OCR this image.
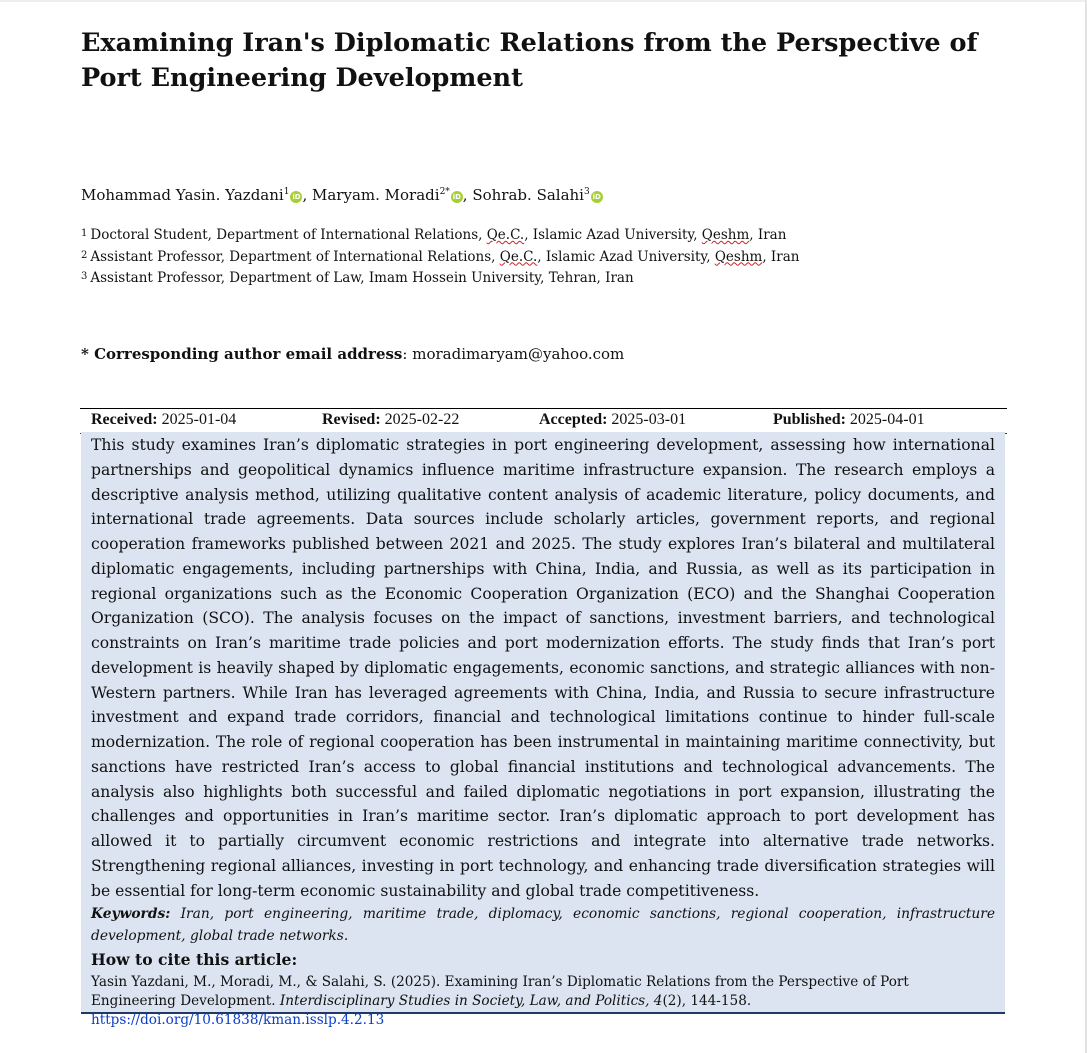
Examining Iran's Diplomatic Relations from the Perspective of Port Engineering Development
Mohammad Yasin. Yazdani$^1$ iD , Maryam. Moradi$^{2*}$ iD , Sohrab. Salahi$^3$ iD
$^1$ Doctoral Student, Department of International Relations, Qe.C., Islamic Azad University, Qeshm, Iran
$^2$ Assistant Professor, Department of International Relations, Qe.C., Islamic Azad University, Qeshm, Iran
$^3$ Assistant Professor, Department of Law, Imam Hossein University, Tehran, Iran
* Corresponding author email address: moradimaryam@yahoo.com
Received: 2025-01-04	Revised: 2025-02-22	Accepted: 2025-03-01	Published: 2025-04-01

This study examines Iran’s diplomatic strategies in port engineering development, assessing how international partnerships and geopolitical dynamics influence maritime infrastructure expansion. The research employs a descriptive analysis method, utilizing qualitative content analysis of academic literature, policy documents, and international trade agreements. Data sources include scholarly articles, government reports, and regional cooperation frameworks published between 2021 and 2025. The study explores Iran’s bilateral and multilateral diplomatic engagements, including partnerships with China, India, and Russia, as well as its participation in regional organizations such as the Economic Cooperation Organization (ECO) and the Shanghai Cooperation Organization (SCO). The analysis focuses on the impact of sanctions, investment barriers, and technological constraints on Iran’s maritime trade policies and port modernization efforts. The study finds that Iran’s port development is heavily shaped by diplomatic engagements, economic sanctions, and strategic alliances with non-Western partners. While Iran has leveraged agreements with China, India, and Russia to secure infrastructure investment and expand trade corridors, financial and technological limitations continue to hinder full-scale modernization. The role of regional cooperation has been instrumental in maintaining maritime connectivity, but sanctions have restricted Iran’s access to global financial institutions and technological advancements. The analysis also highlights both successful and failed diplomatic negotiations in port expansion, illustrating the challenges and opportunities in Iran’s maritime sector. Iran’s diplomatic approach to port development has allowed it to partially circumvent economic restrictions and integrate into alternative trade networks. Strengthening regional alliances, investing in port technology, and enhancing trade diversification strategies will be essential for long-term economic sustainability and global trade competitiveness.

Keywords: Iran, port engineering, maritime trade, diplomacy, economic sanctions, regional cooperation, infrastructure development, global trade networks.

How to cite this article:

Yasin Yazdani, M., Moradi, M., & Salahi, S. (2025). Examining Iran’s Diplomatic Relations from the Perspective of Port Engineering Development. Interdisciplinary Studies in Society, Law, and Politics, 4(2), 144-158. https://doi.org/10.61838/kman.isslp.4.2.13
